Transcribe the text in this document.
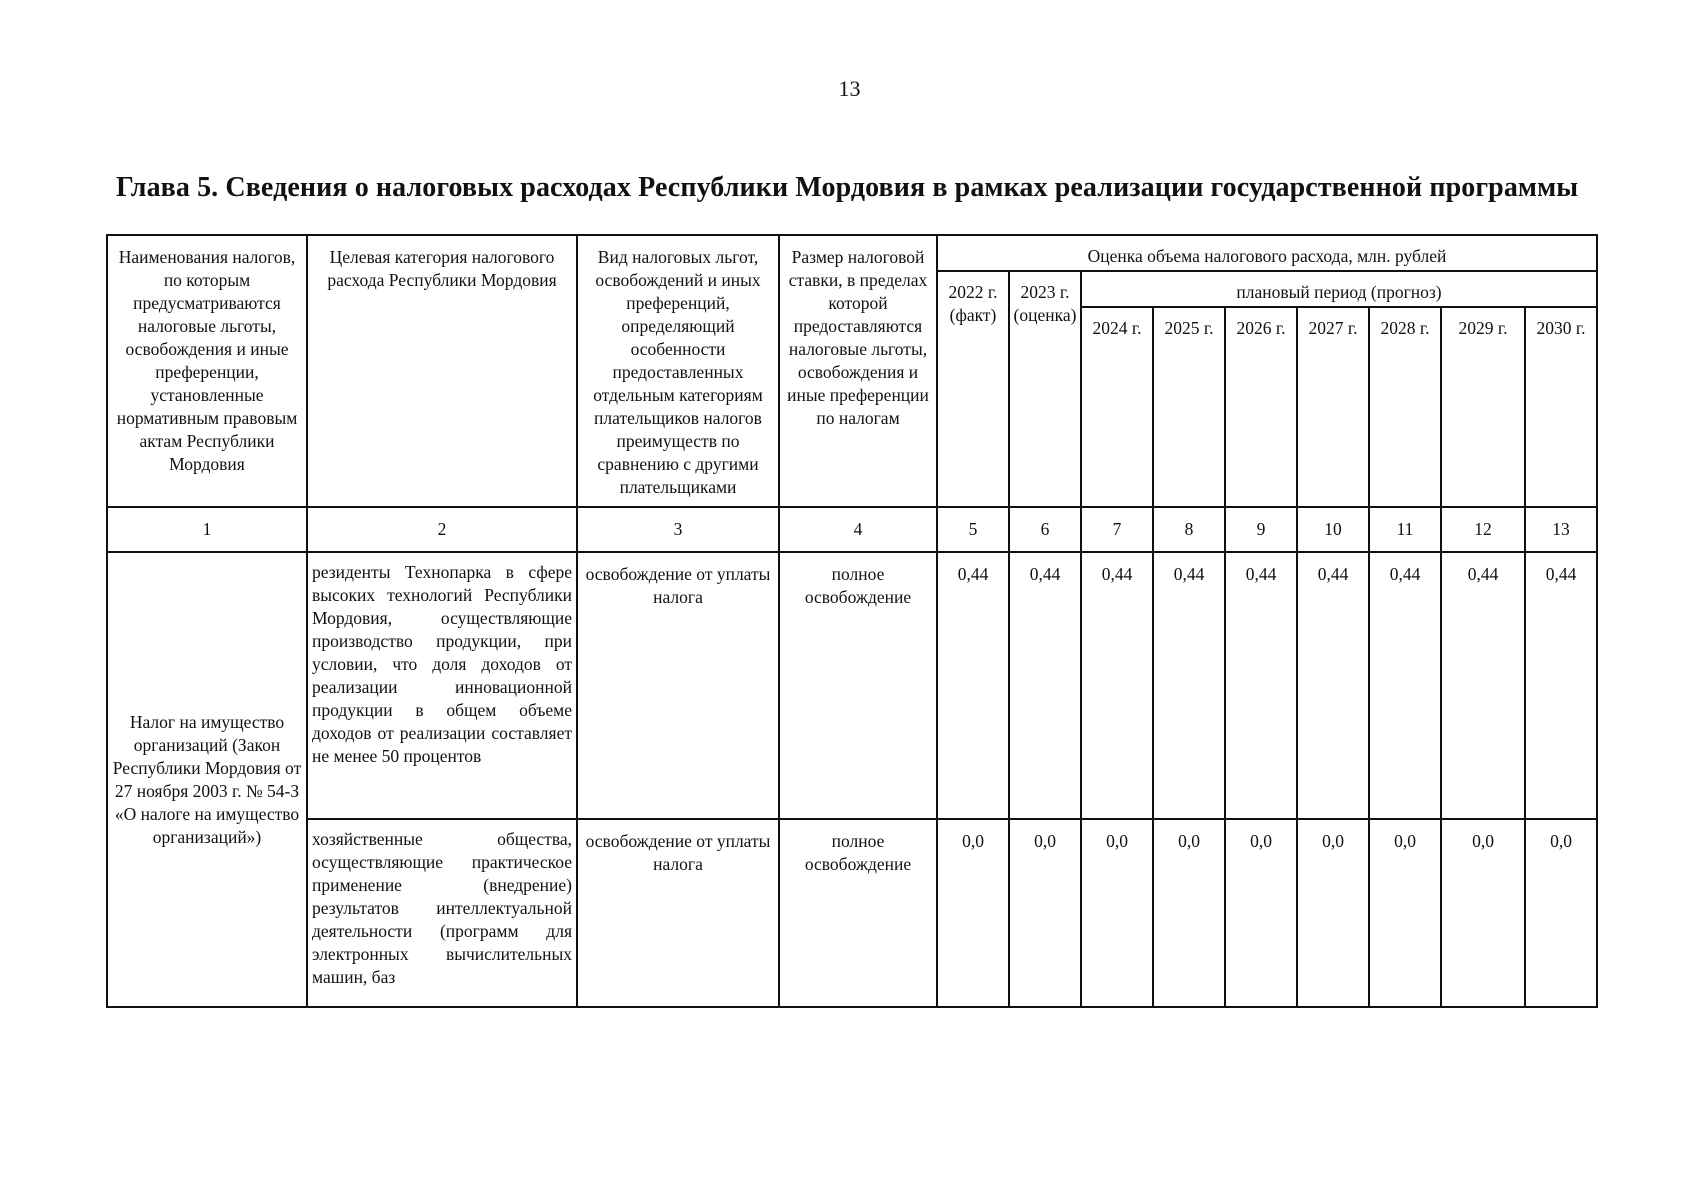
13
Глава 5. Сведения о налоговых расходах Республики Мордовия в рамках реализации государственной программы
Наименования налогов, по которым предусматриваются налоговые льготы, освобождения и иные преференции, установленные нормативным правовым актам Республики Мордовия	Целевая категория налогового расхода Республики Мордовия	Вид налоговых льгот, освобождений и иных преференций, определяющий особенности предоставленных отдельным категориям плательщиков налогов преимуществ по сравнению с другими плательщиками	Размер налоговой ставки, в пределах которой предоставляются налоговые льготы, освобождения и иные преференции по налогам	Оценка объема налогового расхода, млн. рублей								
				2022 г. (факт)	2023 г. (оценка)	плановый период (прогноз)						
						2024 г.	2025 г.	2026 г.	2027 г.	2028 г.	2029 г.	2030 г.
1	2	3	4	5	6	7	8	9	10	11	12	13
Налог на имущество организаций (Закон Республики Мордовия от 27 ноября 2003 г. № 54-З «О налоге на имущество организаций»)	резиденты Технопарка в сфере высоких технологий Республики Мордовия, осуществляющие производство продукции, при условии, что доля доходов от реализации инновационной продукции в общем объеме доходов от реализации составляет не менее 50 процентов	освобождение от уплаты налога	полное освобождение	0,44	0,44	0,44	0,44	0,44	0,44	0,44	0,44	0,44
	хозяйственные общества, осуществляющие практическое применение (внедрение) результатов интеллектуальной деятельности (программ для электронных вычислительных машин, баз	освобождение от уплаты налога	полное освобождение	0,0	0,0	0,0	0,0	0,0	0,0	0,0	0,0	0,0
